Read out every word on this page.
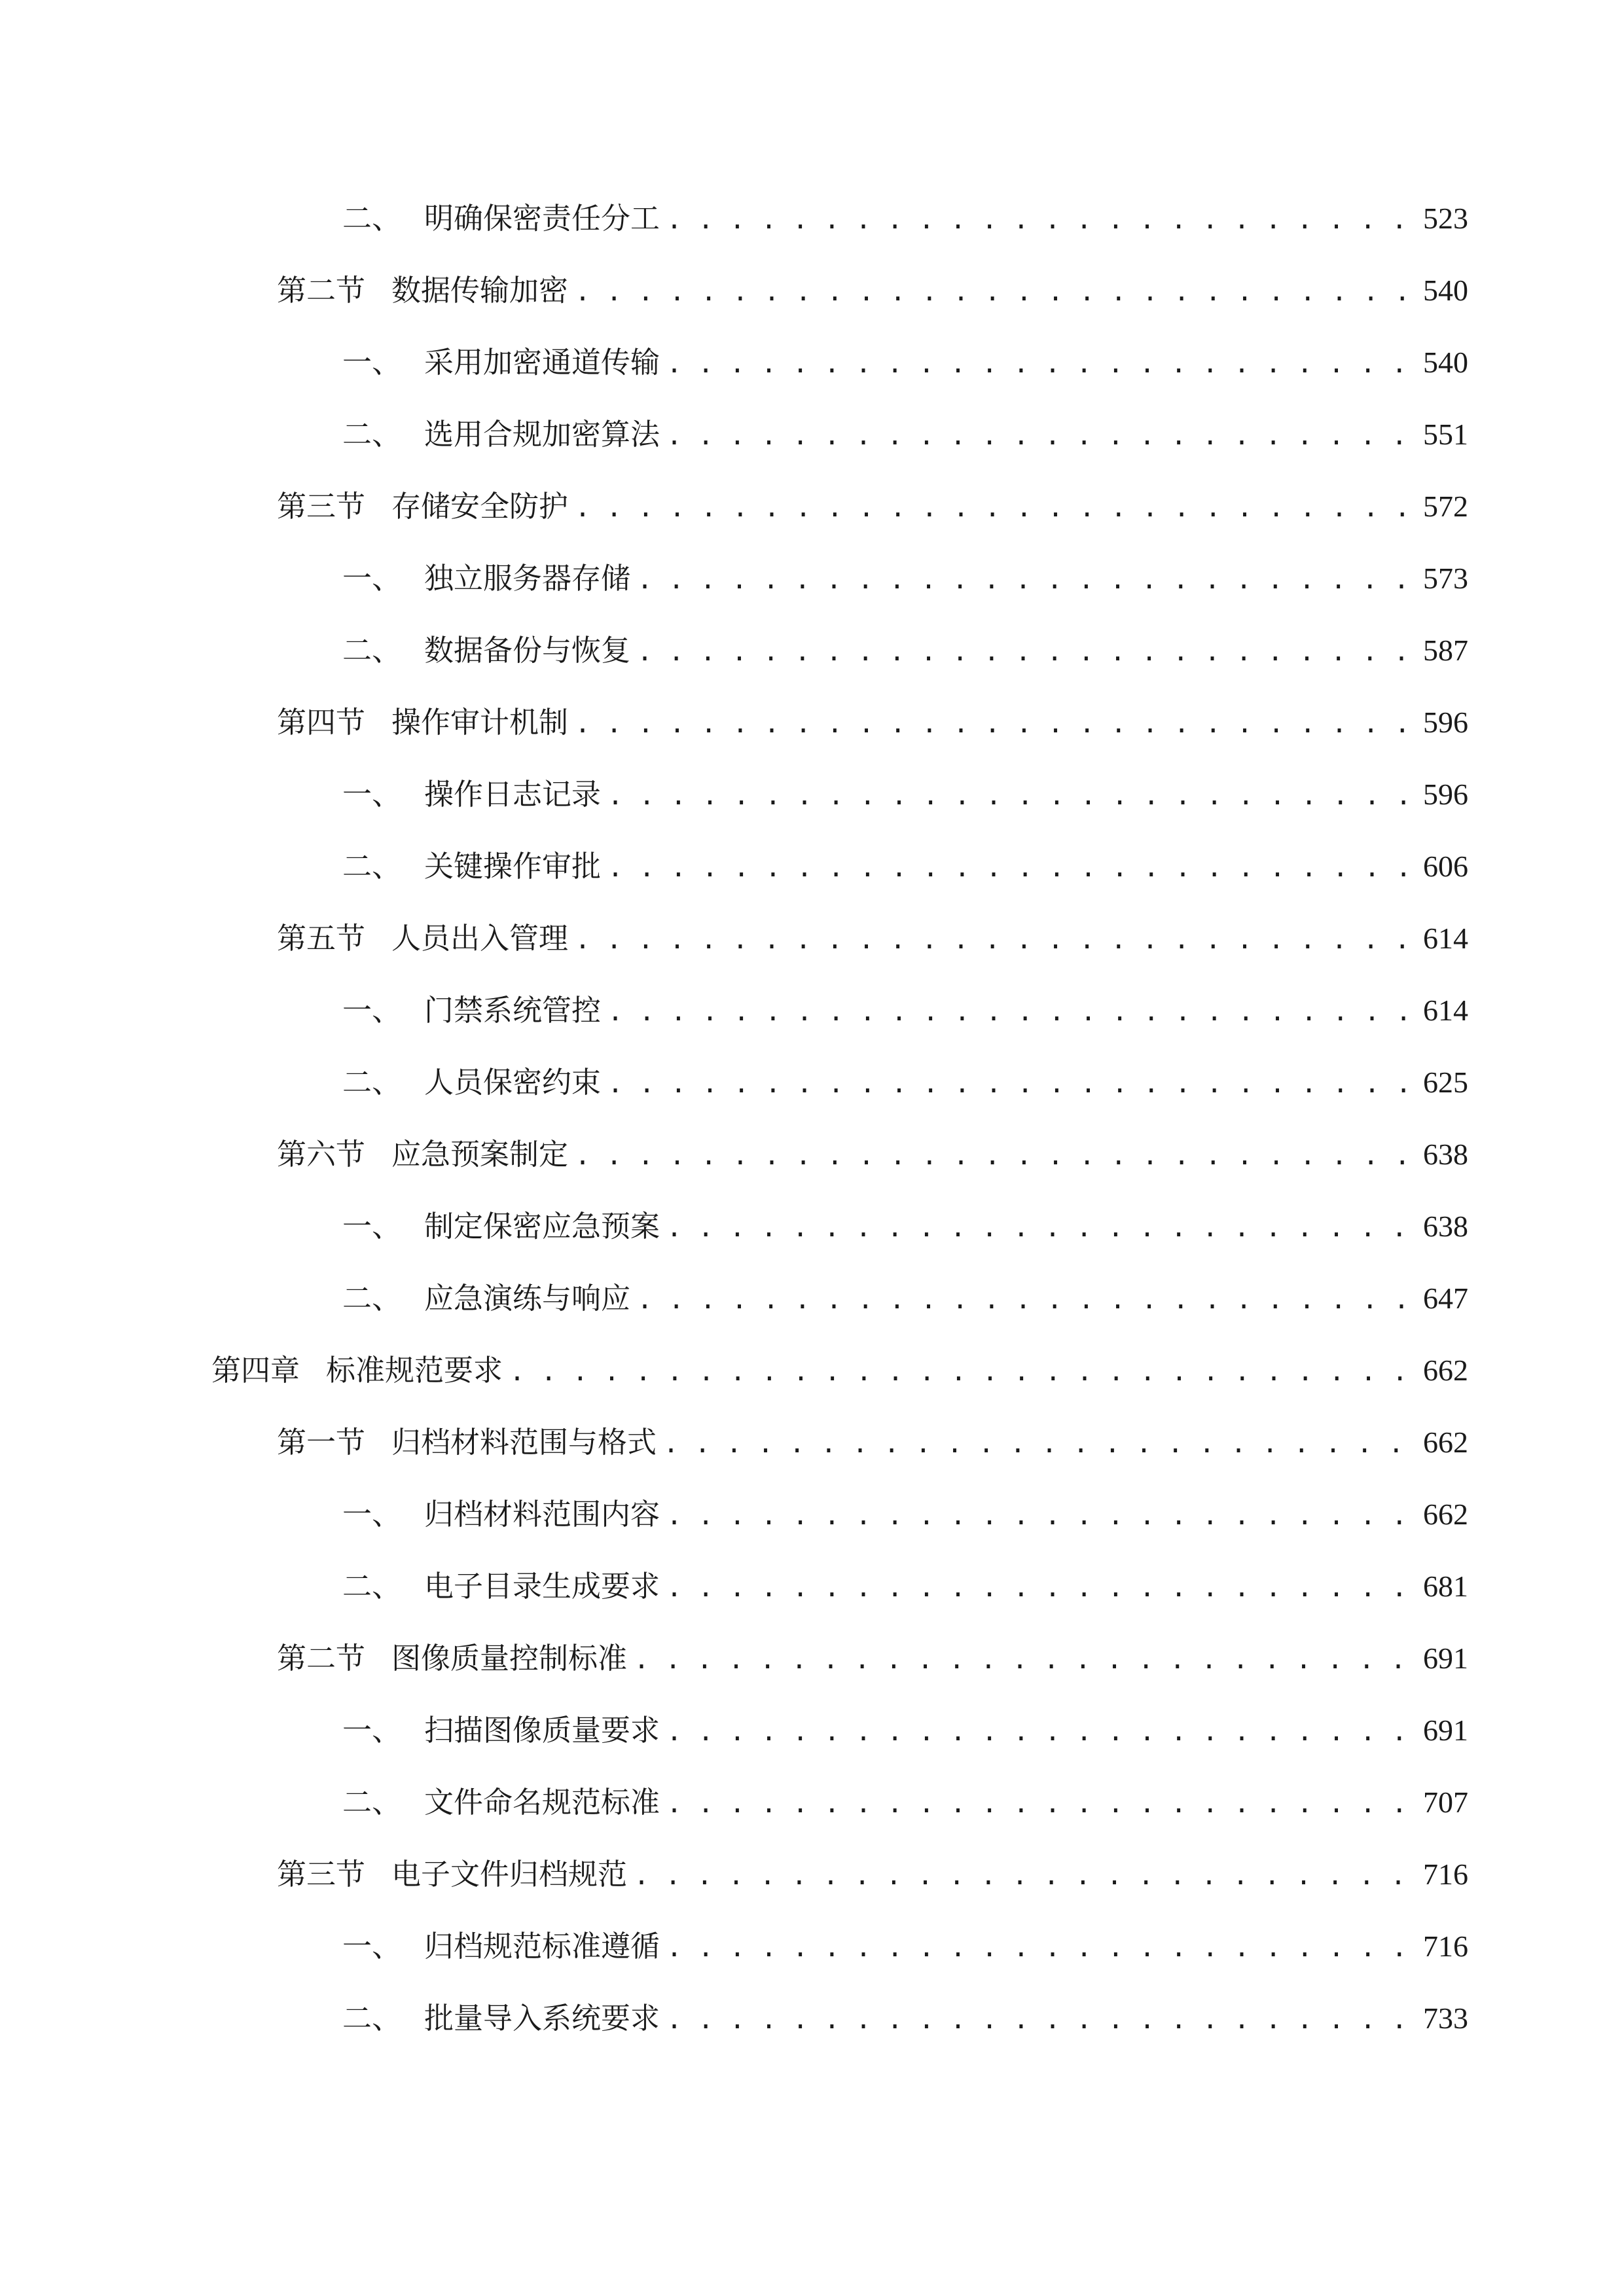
二、 明确保密责任分工 . . .	523
第二节 数据传输加密 . . .	540
一、 采用加密通道传输 . . .	540
二、 选用合规加密算法 . . .	551
第三节 存储安全防护 . . .	572
一、 独立服务器存储 . . .	573
二、 数据备份与恢复 . . .	587
第四节 操作审计机制 . . .	596
一、 操作日志记录 . . .	596
二、 关键操作审批 . . .	606
第五节 人员出入管理 . . .	614
一、 门禁系统管控 . . .	614
二、 人员保密约束 . . .	625
第六节 应急预案制定 . . .	638
一、 制定保密应急预案 . . .	638
二、 应急演练与响应 . . .	647
第四章 标准规范要求 . . .	662
第一节 归档材料范围与格式 . . .	662
一、 归档材料范围内容 . . .	662
二、 电子目录生成要求 . . .	681
第二节 图像质量控制标准 . . .	691
一、 扫描图像质量要求 . . .	691
二、 文件命名规范标准 . . .	707
第三节 电子文件归档规范 . . .	716
一、 归档规范标准遵循 . . .	716
二、 批量导入系统要求 . . .	733
